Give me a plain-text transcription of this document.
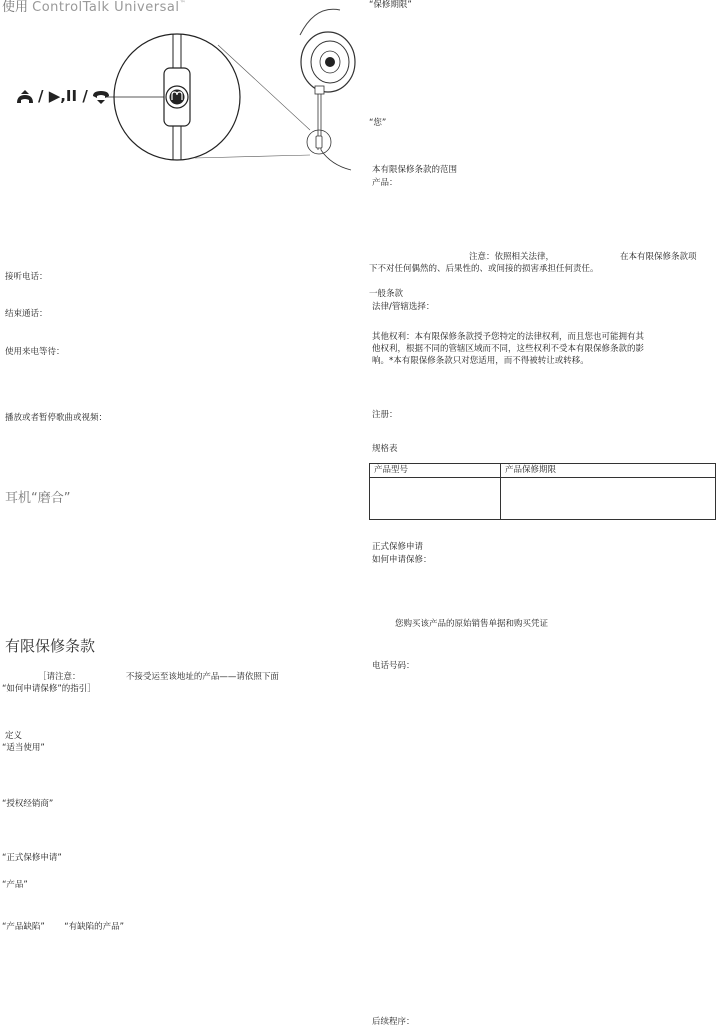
使用 ControlTalk Universal™
/ ▶,II /
接听电话：
结束通话：
使用来电等待：
播放或者暂停歌曲或视频：
耳机“磨合”
有限保修条款
［请注意：	不接受运至该地址的产品——请依照下面
“如何申请保修”的指引］
定义
“适当使用”
“授权经销商”
“正式保修申请”
“产品”
“产品缺陷” “有缺陷的产品”
“保修期限”
“您”
本有限保修条款的范围
产品：
注意：依照相关法律，	在本有限保修条款项
下不对任何偶然的、后果性的、或间接的损害承担任何责任。
一般条款
法律/管辖选择：
其他权利：本有限保修条款授予您特定的法律权利，而且您也可能拥有其
他权利，根据不同的管辖区域而不同，这些权利不受本有限保修条款的影
响。*本有限保修条款只对您适用，而不得被转让或转移。
注册：
规格表
产品型号	产品保修期限

正式保修申请
如何申请保修：
您购买该产品的原始销售单据和购买凭证
电话号码：
后续程序：
